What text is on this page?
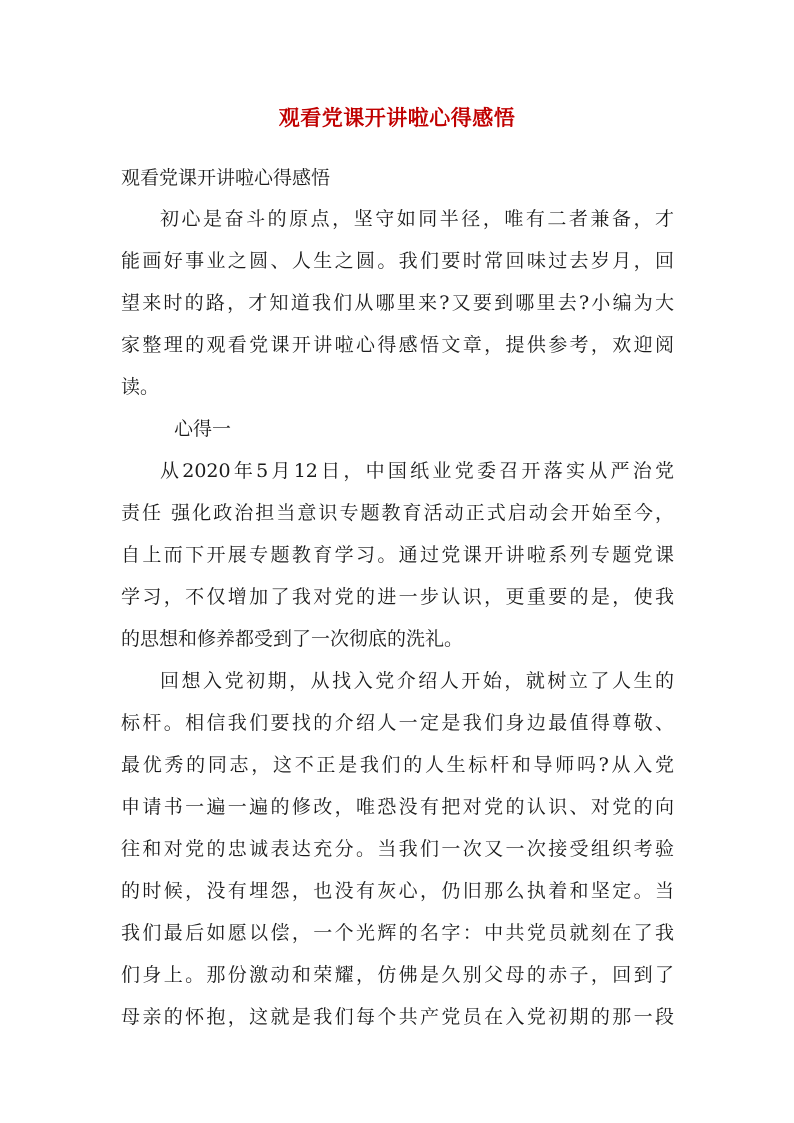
观看党课开讲啦心得感悟
观看党课开讲啦心得感悟
初心是奋斗的原点，坚守如同半径，唯有二者兼备，才
能画好事业之圆、人生之圆。我们要时常回味过去岁月，回
望来时的路，才知道我们从哪里来?又要到哪里去?小编为大
家整理的观看党课开讲啦心得感悟文章，提供参考，欢迎阅
读。
心得一
从2020年5月12日，中国纸业党委召开落实从严治党
责任 强化政治担当意识专题教育活动正式启动会开始至今，
自上而下开展专题教育学习。通过党课开讲啦系列专题党课
学习，不仅增加了我对党的进一步认识，更重要的是，使我
的思想和修养都受到了一次彻底的洗礼。
回想入党初期，从找入党介绍人开始，就树立了人生的
标杆。相信我们要找的介绍人一定是我们身边最值得尊敬、
最优秀的同志，这不正是我们的人生标杆和导师吗?从入党
申请书一遍一遍的修改，唯恐没有把对党的认识、对党的向
往和对党的忠诚表达充分。当我们一次又一次接受组织考验
的时候，没有埋怨，也没有灰心，仍旧那么执着和坚定。当
我们最后如愿以偿，一个光辉的名字：中共党员就刻在了我
们身上。那份激动和荣耀，仿佛是久别父母的赤子，回到了
母亲的怀抱，这就是我们每个共产党员在入党初期的那一段
